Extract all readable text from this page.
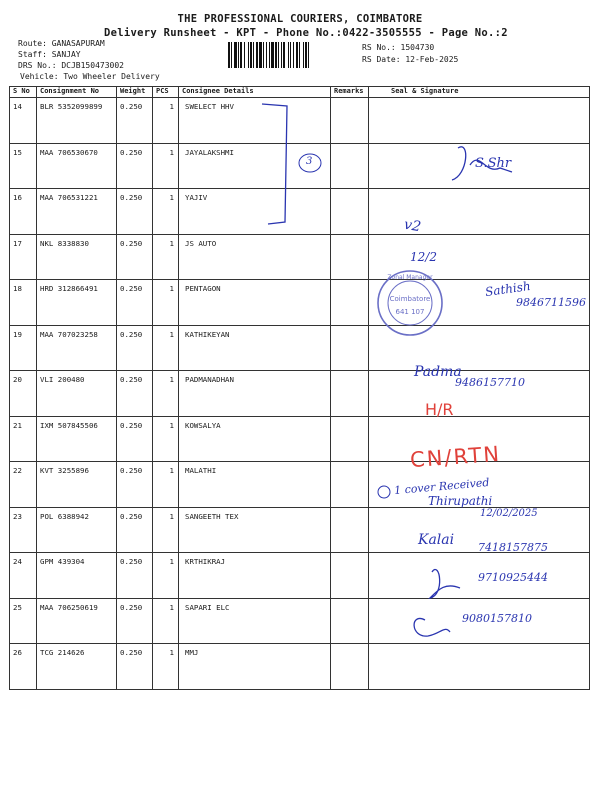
THE PROFESSIONAL COURIERS, COIMBATORE
Delivery Runsheet - KPT - Phone No.:0422-3505555 - Page No.:2
Route: GANASAPURAM
Staff: SANJAY
DRS No.: DCJB150473002
Vehicle: Two Wheeler Delivery
RS No.: 1504730
RS Date: 12-Feb-2025
S No	Consignment No	Weight	PCS	Consignee Details	Remarks	Seal & Signature
14	BLR 5352099899	0.250	1	SWELECT HHV		
15	MAA 706530670	0.250	1	JAYALAKSHMI		
16	MAA 706531221	0.250	1	YAJIV		
17	NKL 8338830	0.250	1	JS AUTO		
18	HRD 312866491	0.250	1	PENTAGON		
19	MAA 707023258	0.250	1	KATHIKEYAN		
20	VLI 200480	0.250	1	PADMANADHAN		
21	IXM 507845506	0.250	1	KOWSALYA		
22	KVT 3255896	0.250	1	MALATHI		
23	POL 6388942	0.250	1	SANGEETH TEX		
24	GPM 439304	0.250	1	KRTHIKRAJ		
25	MAA 706250619	0.250	1	SAPARI ELC		
26	TCG 214626	0.250	1	MMJ		
3	S.Shr
v2
12/2
Sathish
9846711596
Zonal Manager
Coimbatore
641 107
Padma
9486157710
H/R
CN/RTN
1 cover Received
Thirupathi
12/02/2025
Kalai 7418157875
9710925444
9080157810
